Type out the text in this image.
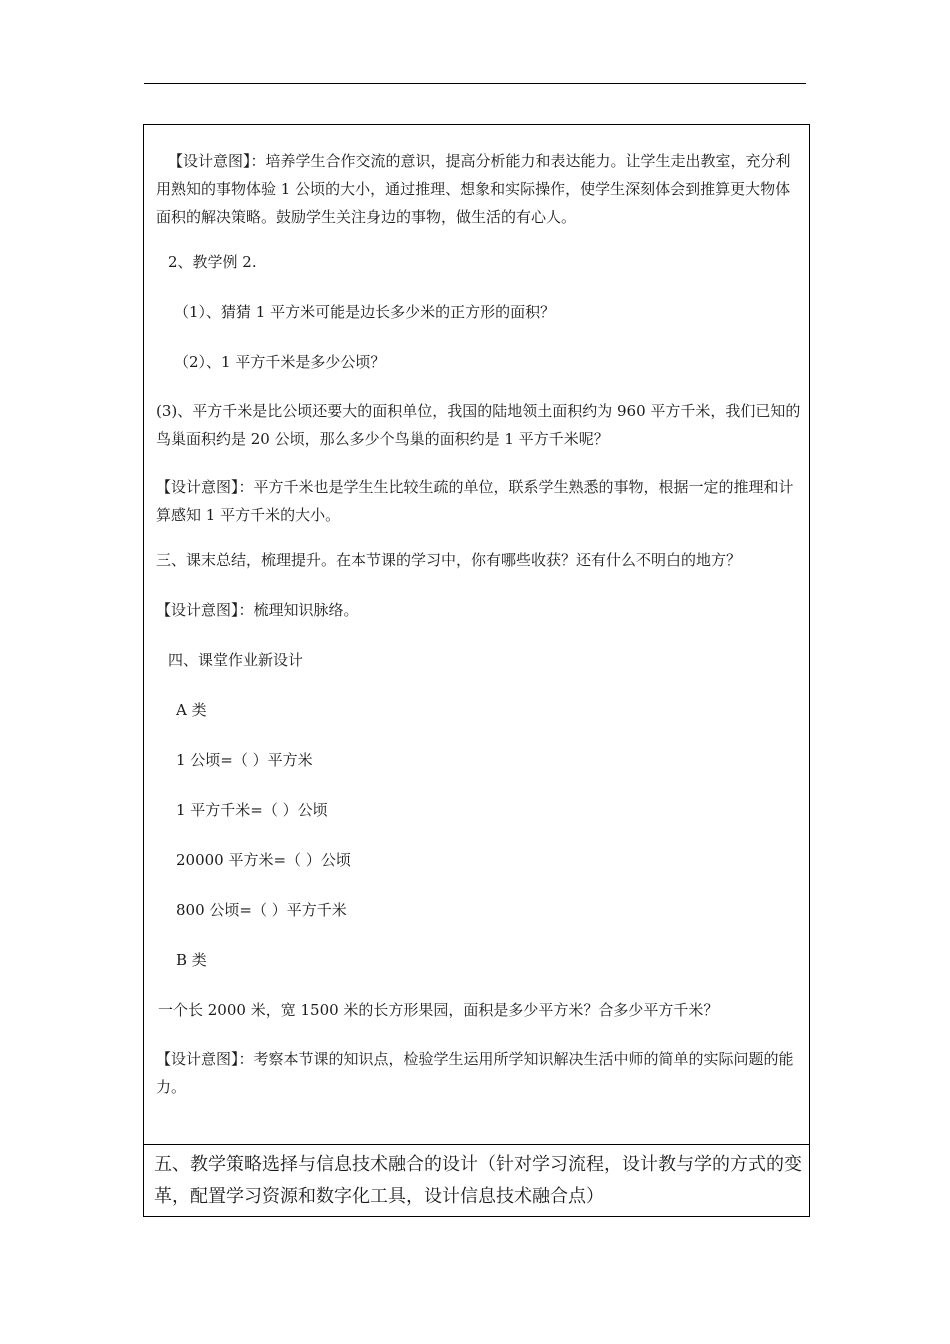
【设计意图】：培养学生合作交流的意识，提高分析能力和表达能力。让学生走出教室，充分利用熟知的事物体验 1 公顷的大小，通过推理、想象和实际操作，使学生深刻体会到推算更大物体面积的解决策略。鼓励学生关注身边的事物，做生活的有心人。
2、教学例 2.
（1）、猜猜 1 平方米可能是边长多少米的正方形的面积？
（2）、1 平方千米是多少公顷？
(3)、平方千米是比公顷还要大的面积单位，我国的陆地领土面积约为 960 平方千米，我们已知的鸟巢面积约是 20 公顷，那么多少个鸟巢的面积约是 1 平方千米呢？
【设计意图】：平方千米也是学生生比较生疏的单位，联系学生熟悉的事物，根据一定的推理和计算感知 1 平方千米的大小。
三、课末总结，梳理提升。在本节课的学习中，你有哪些收获？还有什么不明白的地方？
【设计意图】：梳理知识脉络。
四、课堂作业新设计
A 类
1 公顷=（ ）平方米
1 平方千米=（ ）公顷
20000 平方米=（ ）公顷
800 公顷=（ ）平方千米
B 类
一个长 2000 米，宽 1500 米的长方形果园，面积是多少平方米？合多少平方千米？
【设计意图】：考察本节课的知识点，检验学生运用所学知识解决生活中师的简单的实际问题的能力。
五、教学策略选择与信息技术融合的设计（针对学习流程，设计教与学的方式的变革，配置学习资源和数字化工具，设计信息技术融合点）
